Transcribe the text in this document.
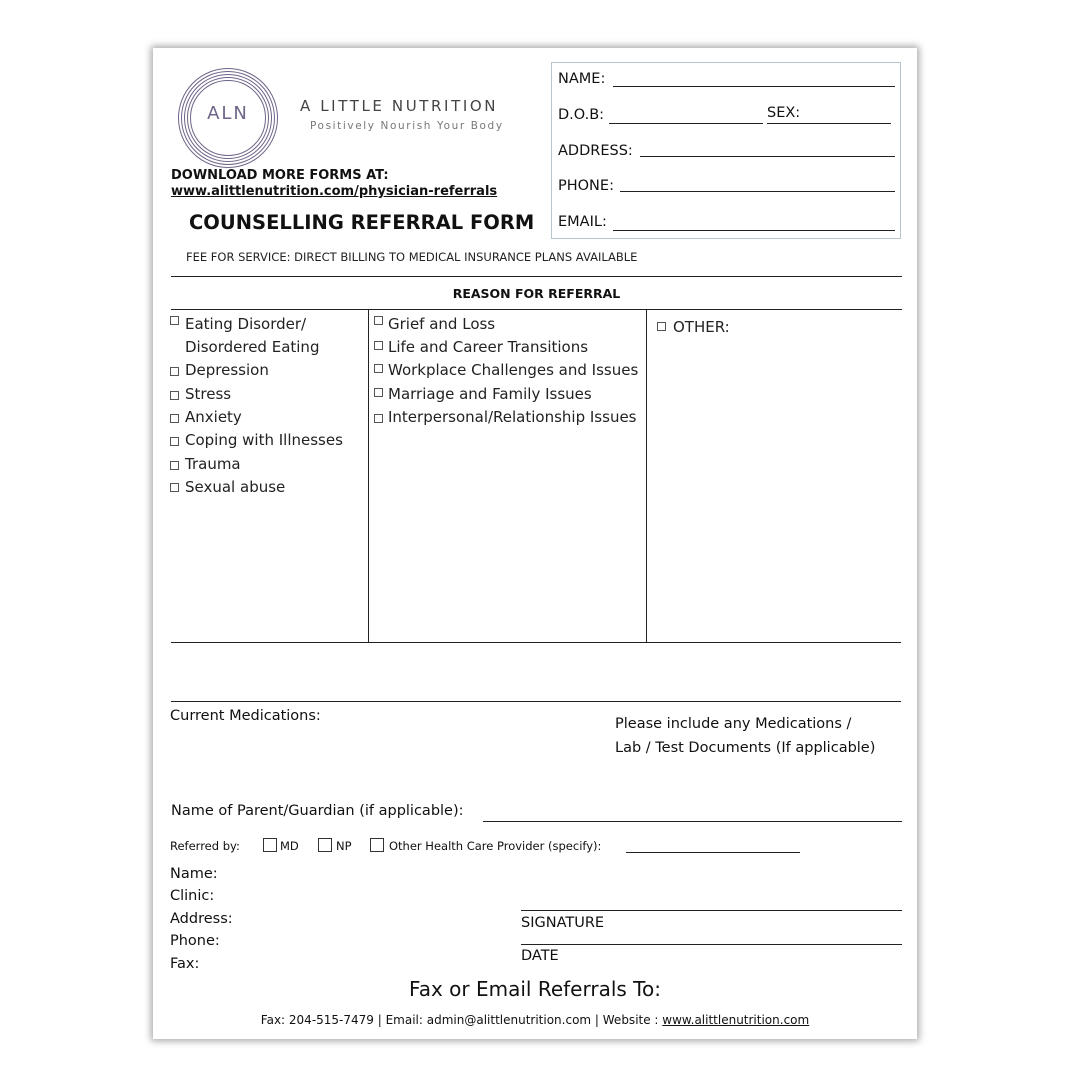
ALN	A LITTLE NUTRITION
Positively Nourish Your Body
DOWNLOAD MORE FORMS AT:
www.alittlenutrition.com/physician-referrals
COUNSELLING REFERRAL FORM
FEE FOR SERVICE: DIRECT BILLING TO MEDICAL INSURANCE PLANS AVAILABLE
NAME:
D.O.B:	SEX:
ADDRESS:
PHONE:
EMAIL:
REASON FOR REFERRAL
Eating Disorder/
Disordered Eating
Depression
Stress
Anxiety
Coping with Illnesses
Trauma
Sexual abuse
Grief and Loss
Life and Career Transitions
Workplace Challenges and Issues
Marriage and Family Issues
Interpersonal/Relationship Issues
OTHER:
Current Medications:	Please include any Medications /
Lab / Test Documents (If applicable)
Name of Parent/Guardian (if applicable):
Referred by:	MD	NP	Other Health Care Provider (specify):
Name:
Clinic:
Address:
Phone:
Fax:
SIGNATURE
DATE
Fax or Email Referrals To:
Fax: 204-515-7479 | Email: admin@alittlenutrition.com | Website : www.alittlenutrition.com
